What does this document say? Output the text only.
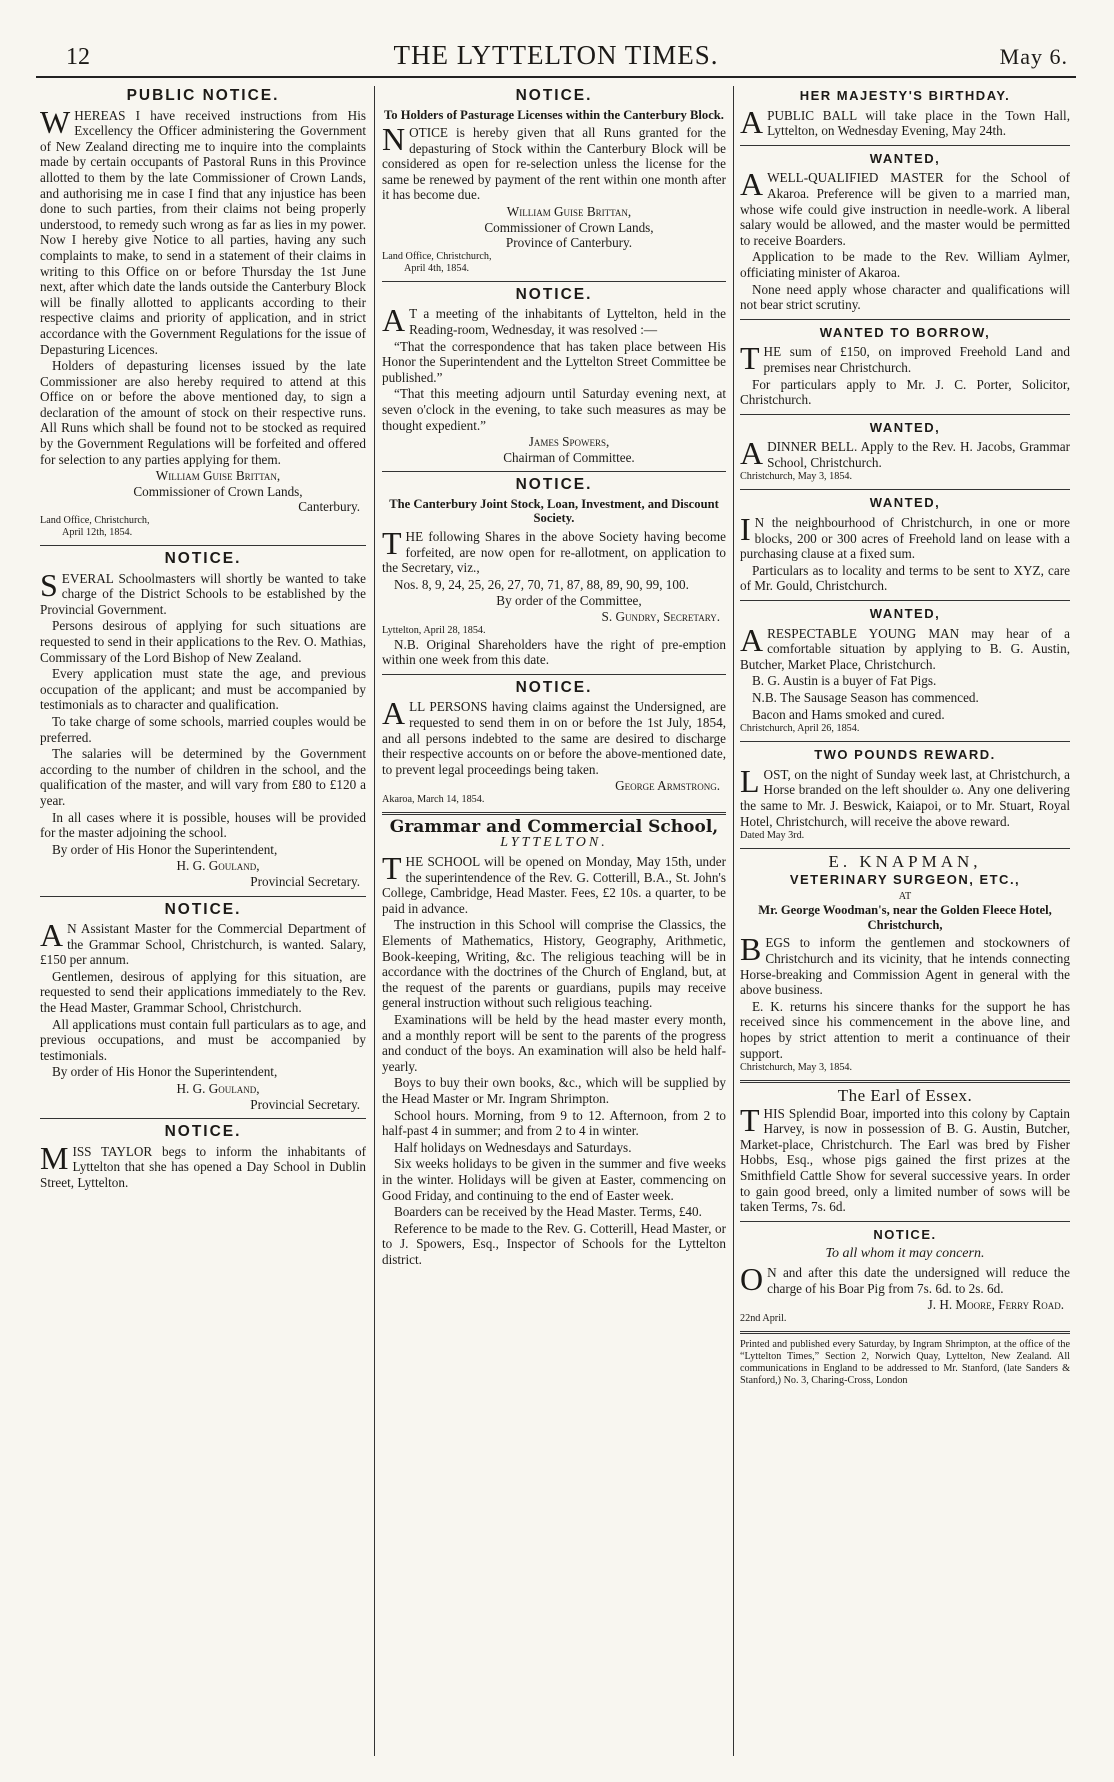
12	THE LYTTELTON TIMES.	May 6.
PUBLIC NOTICE.

WHEREAS I have received instructions from His Excellency the Officer administering the Government of New Zealand directing me to inquire into the complaints made by certain occupants of Pastoral Runs in this Province allotted to them by the late Commissioner of Crown Lands, and authorising me in case I find that any injustice has been done to such parties, from their claims not being properly understood, to remedy such wrong as far as lies in my power. Now I hereby give Notice to all parties, having any such complaints to make, to send in a statement of their claims in writing to this Office on or before Thursday the 1st June next, after which date the lands outside the Canterbury Block will be finally allotted to applicants according to their respective claims and priority of application, and in strict accordance with the Government Regulations for the issue of Depasturing Licences.

Holders of depasturing licenses issued by the late Commissioner are also hereby required to attend at this Office on or before the above mentioned day, to sign a declaration of the amount of stock on their respective runs. All Runs which shall be found not to be stocked as required by the Government Regulations will be forfeited and offered for selection to any parties applying for them.

William Guise Brittan,

Commissioner of Crown Lands,

Canterbury.

Land Office, Christchurch,

April 12th, 1854.

NOTICE.

SEVERAL Schoolmasters will shortly be wanted to take charge of the District Schools to be established by the Provincial Government.

Persons desirous of applying for such situations are requested to send in their applications to the Rev. O. Mathias, Commissary of the Lord Bishop of New Zealand.

Every application must state the age, and previous occupation of the applicant; and must be accompanied by testimonials as to character and qualification.

To take charge of some schools, married couples would be preferred.

The salaries will be determined by the Government according to the number of children in the school, and the qualification of the master, and will vary from £80 to £120 a year.

In all cases where it is possible, houses will be provided for the master adjoining the school.

By order of His Honor the Superintendent,

H. G. Gouland,

Provincial Secretary.

NOTICE.

A N Assistant Master for the Commercial Department of the Grammar School, Christchurch, is wanted. Salary, £150 per annum.

Gentlemen, desirous of applying for this situation, are requested to send their applications immediately to the Rev. the Head Master, Grammar School, Christchurch.

All applications must contain full particulars as to age, and previous occupations, and must be accompanied by testimonials.

By order of His Honor the Superintendent,

H. G. Gouland,

Provincial Secretary.

NOTICE.

MISS TAYLOR begs to inform the inhabitants of Lyttelton that she has opened a Day School in Dublin Street, Lyttelton.

NOTICE.
To Holders of Pasturage Licenses within the Canterbury Block.

NOTICE is hereby given that all Runs granted for the depasturing of Stock within the Canterbury Block will be considered as open for re-selection unless the license for the same be renewed by payment of the rent within one month after it has become due.

William Guise Brittan,

Commissioner of Crown Lands,

Province of Canterbury.

Land Office, Christchurch,

April 4th, 1854.

NOTICE.

A T a meeting of the inhabitants of Lyttelton, held in the Reading-room, Wednesday, it was resolved :—

“That the correspondence that has taken place between His Honor the Superintendent and the Lyttelton Street Committee be published.”

“That this meeting adjourn until Saturday evening next, at seven o'clock in the evening, to take such measures as may be thought expedient.”

James Spowers,

Chairman of Committee.

NOTICE.
The Canterbury Joint Stock, Loan, Investment, and Discount Society.

THE following Shares in the above Society having become forfeited, are now open for re-allotment, on application to the Secretary, viz.,

Nos. 8, 9, 24, 25, 26, 27, 70, 71, 87, 88, 89, 90, 99, 100.

By order of the Committee,

S. Gundry, Secretary.

Lyttelton, April 28, 1854.

N.B. Original Shareholders have the right of pre-emption within one week from this date.

NOTICE.

ALL PERSONS having claims against the Undersigned, are requested to send them in on or before the 1st July, 1854, and all persons indebted to the same are desired to discharge their respective accounts on or before the above-mentioned date, to prevent legal proceedings being taken.

George Armstrong.

Akaroa, March 14, 1854.

Grammar and Commercial School,
LYTTELTON.

THE SCHOOL will be opened on Monday, May 15th, under the superintendence of the Rev. G. Cotterill, B.A., St. John's College, Cambridge, Head Master. Fees, £2 10s. a quarter, to be paid in advance.

The instruction in this School will comprise the Classics, the Elements of Mathematics, History, Geography, Arithmetic, Book-keeping, Writing, &c. The religious teaching will be in accordance with the doctrines of the Church of England, but, at the request of the parents or guardians, pupils may receive general instruction without such religious teaching.

Examinations will be held by the head master every month, and a monthly report will be sent to the parents of the progress and conduct of the boys. An examination will also be held half-yearly.

Boys to buy their own books, &c., which will be supplied by the Head Master or Mr. Ingram Shrimpton.

School hours. Morning, from 9 to 12. Afternoon, from 2 to half-past 4 in summer; and from 2 to 4 in winter.

Half holidays on Wednesdays and Saturdays.

Six weeks holidays to be given in the summer and five weeks in the winter. Holidays will be given at Easter, commencing on Good Friday, and continuing to the end of Easter week.

Boarders can be received by the Head Master. Terms, £40.

Reference to be made to the Rev. G. Cotterill, Head Master, or to J. Spowers, Esq., Inspector of Schools for the Lyttelton district.

HER MAJESTY'S BIRTHDAY.

A PUBLIC BALL will take place in the Town Hall, Lyttelton, on Wednesday Evening, May 24th.

WANTED,

A WELL-QUALIFIED MASTER for the School of Akaroa. Preference will be given to a married man, whose wife could give instruction in needle-work. A liberal salary would be allowed, and the master would be permitted to receive Boarders.

Application to be made to the Rev. William Aylmer, officiating minister of Akaroa.

None need apply whose character and qualifications will not bear strict scrutiny.

WANTED TO BORROW,

THE sum of £150, on improved Freehold Land and premises near Christchurch.

For particulars apply to Mr. J. C. Porter, Solicitor, Christchurch.

WANTED,

A DINNER BELL. Apply to the Rev. H. Jacobs, Grammar School, Christchurch.

Christchurch, May 3, 1854.

WANTED,

I N the neighbourhood of Christchurch, in one or more blocks, 200 or 300 acres of Freehold land on lease with a purchasing clause at a fixed sum.

Particulars as to locality and terms to be sent to XYZ, care of Mr. Gould, Christchurch.

WANTED,

A RESPECTABLE YOUNG MAN may hear of a comfortable situation by applying to B. G. Austin, Butcher, Market Place, Christchurch.

B. G. Austin is a buyer of Fat Pigs.

N.B. The Sausage Season has commenced.

Bacon and Hams smoked and cured.

Christchurch, April 26, 1854.

TWO POUNDS REWARD.

LOST, on the night of Sunday week last, at Christchurch, a Horse branded on the left shoulder ω. Any one delivering the same to Mr. J. Beswick, Kaiapoi, or to Mr. Stuart, Royal Hotel, Christchurch, will receive the above reward.

Dated May 3rd.

E. KNAPMAN,
VETERINARY SURGEON, ETC.,
AT
Mr. George Woodman's, near the Golden Fleece Hotel, Christchurch,

BEGS to inform the gentlemen and stockowners of Christchurch and its vicinity, that he intends connecting Horse-breaking and Commission Agent in general with the above business.

E. K. returns his sincere thanks for the support he has received since his commencement in the above line, and hopes by strict attention to merit a continuance of their support.

Christchurch, May 3, 1854.

The Earl of Essex.

THIS Splendid Boar, imported into this colony by Captain Harvey, is now in possession of B. G. Austin, Butcher, Market-place, Christchurch. The Earl was bred by Fisher Hobbs, Esq., whose pigs gained the first prizes at the Smithfield Cattle Show for several successive years. In order to gain good breed, only a limited number of sows will be taken Terms, 7s. 6d.

NOTICE.
To all whom it may concern.

O N and after this date the undersigned will reduce the charge of his Boar Pig from 7s. 6d. to 2s. 6d.

J. H. Moore, Ferry Road.

22nd April.

Printed and published every Saturday, by Ingram Shrimpton, at the office of the “Lyttelton Times,” Section 2, Norwich Quay, Lyttelton, New Zealand. All communications in England to be addressed to Mr. Stanford, (late Sanders & Stanford,) No. 3, Charing-Cross, London
